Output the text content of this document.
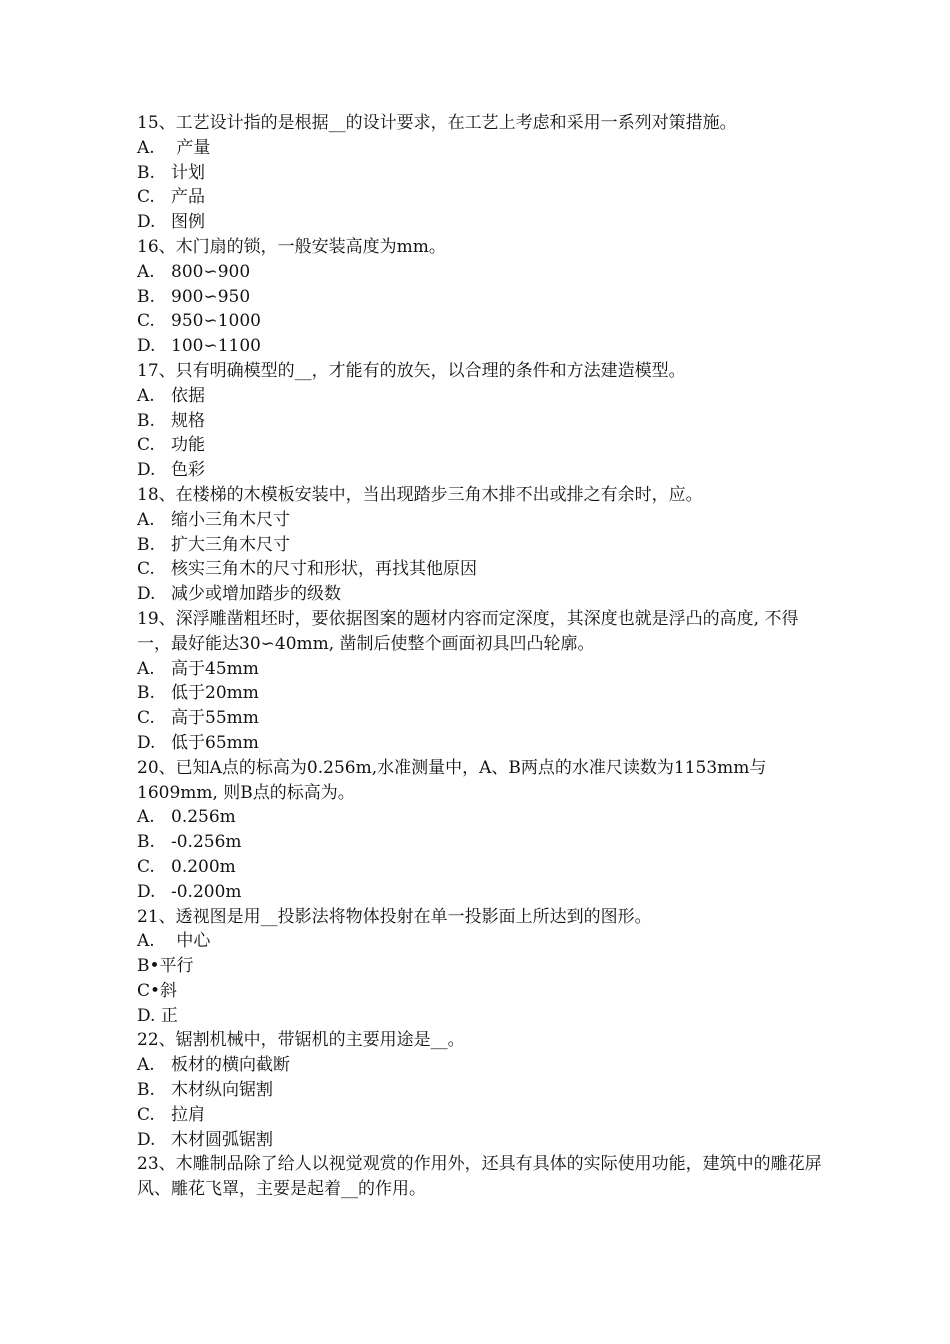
15、工艺设计指的是根据__的设计要求，在工艺上考虑和采用一系列对策措施。

A. 产量

B. 计划

C. 产品

D. 图例

16、木门扇的锁，一般安装高度为mm。

A. 800∽900

B. 900∽950

C. 950∽1000

D. 100∽1100

17、只有明确模型的__，才能有的放矢，以合理的条件和方法建造模型。

A. 依据

B. 规格

C. 功能

D. 色彩

18、在楼梯的木模板安装中，当出现踏步三角木排不出或排之有余时，应。

A. 缩小三角木尺寸

B. 扩大三角木尺寸

C. 核实三角木的尺寸和形状，再找其他原因

D. 减少或增加踏步的级数

19、深浮雕凿粗坯时，要依据图案的题材内容而定深度，其深度也就是浮凸的高度, 不得一，最好能达30∽40mm, 凿制后使整个画面初具凹凸轮廓。

A. 高于45mm

B. 低于20mm

C. 高于55mm

D. 低于65mm

20、已知A点的标高为0.256m,水准测量中，A、B两点的水准尺读数为1153mm与1609mm, 则B点的标高为。

A. 0.256m

B. -0.256m

C. 0.200m

D. -0.200m

21、透视图是用__投影法将物体投射在单一投影面上所达到的图形。

A. 中心

B•平行

C•斜

D. 正

22、锯割机械中，带锯机的主要用途是__。

A. 板材的横向截断

B. 木材纵向锯割

C. 拉肩

D. 木材圆弧锯割

23、木雕制品除了给人以视觉观赏的作用外，还具有具体的实际使用功能，建筑中的雕花屏风、雕花飞罩，主要是起着__的作用。
